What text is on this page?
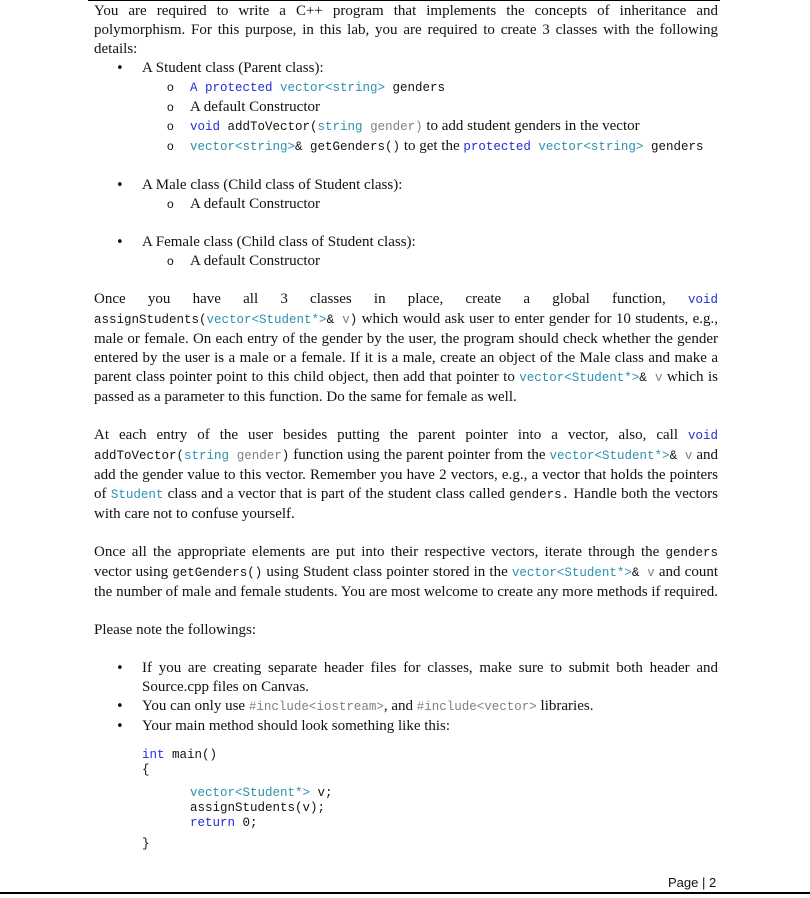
You are required to write a C++ program that implements the concepts of inheritance and polymorphism. For this purpose, in this lab, you are required to create 3 classes with the following details:

• A Student class (Parent class):
o A protected vector<string> genders
o A default Constructor
o void addToVector(string gender) to add student genders in the vector
o vector<string>& getGenders() to get the protected vector<string> genders
• A Male class (Child class of Student class):
o A default Constructor
• A Female class (Child class of Student class):
o A default Constructor

Once you have all 3 classes in place, create a global function, void assignStudents(vector<Student*>& v) which would ask user to enter gender for 10 students, e.g., male or female. On each entry of the gender by the user, the program should check whether the gender entered by the user is a male or a female. If it is a male, create an object of the Male class and make a parent class pointer point to this child object, then add that pointer to vector<Student*>& v which is passed as a parameter to this function. Do the same for female as well.

At each entry of the user besides putting the parent pointer into a vector, also, call void addToVector(string gender) function using the parent pointer from the vector<Student*>& v and add the gender value to this vector. Remember you have 2 vectors, e.g., a vector that holds the pointers of Student class and a vector that is part of the student class called genders. Handle both the vectors with care not to confuse yourself.

Once all the appropriate elements are put into their respective vectors, iterate through the genders vector using getGenders() using Student class pointer stored in the vector<Student*>& v and count the number of male and female students. You are most welcome to create any more methods if required.

Please note the followings:

• If you are creating separate header files for classes, make sure to submit both header and Source.cpp files on Canvas.
• You can only use #include<iostream>, and #include<vector> libraries.
• Your main method should look something like this:
int main()
{
vector<Student*> v;
assignStudents(v);
return 0;
}
Page | 2
